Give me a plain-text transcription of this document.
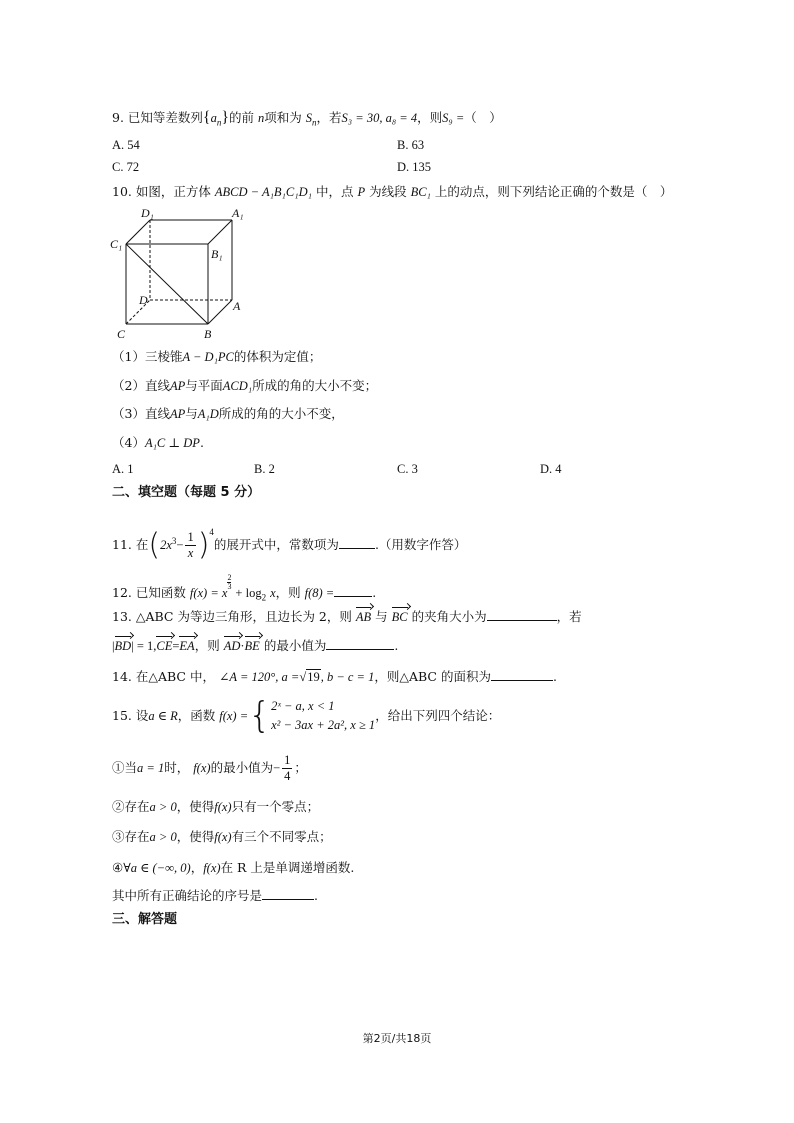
9. 已知等差数列$\{a_n\}$的前 n项和为 $S_n$，若S₃ = 30, a₈ = 4，则S₉ =（　）
A. 54	B. 63
C. 72	D. 135
10. 如图，正方体 ABCD − A₁B₁C₁D₁ 中，点 P 为线段 BC₁ 上的动点，则下列结论正确的个数是（　）
D₁	A₁
C₁
B₁
D	A
C	B
（1）三棱锥A − D₁PC的体积为定值；
（2）直线AP与平面ACD₁所成的角的大小不变；
（3）直线AP与A₁D所成的角的大小不变，
（4）A₁C ⊥ DP.
A. 1	B. 2	C. 3	D. 4
二、填空题（每题 5 分）
11. 在$(2x^3- \frac{1}{x} )^4$的展开式中，常数项为	.（用数字作答）
12. 已知函数 f(x) = x
$\frac{2}{3}$
+ $\log_2 x$，则 f(8) =	.
13. △ABC 为等边三角形，且边长为 2，则 AB 与 BC 的夹角大小为	，若
|BD| = 1,CE=EA，则 AD·BE 的最小值为	.
14. 在△ABC 中， ∠A = 120°, a =√19, b − c = 1，则△ABC 的面积为	.
15. 设a ∈ R，函数 f(x) ={ 2ˣ − a, x < 1
x² − 3ax + 2a², x ≥ 1
，给出下列四个结论：
①当a = 1时， f(x)的最小值为− $\frac{1}{4}$ ；
②存在a > 0，使得f(x)只有一个零点；
③存在a > 0，使得f(x)有三个不同零点；
④∀a ∈ (−∞, 0)，f(x)在 R 上是单调递增函数.
其中所有正确结论的序号是	.
三、解答题
第2页/共18页
